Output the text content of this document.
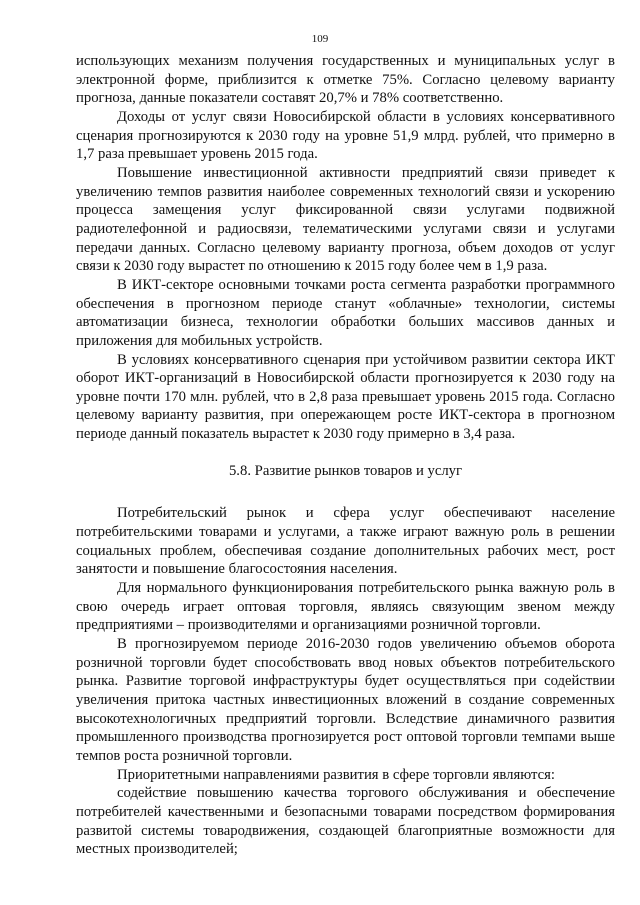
109

использующих механизм получения государственных и муниципальных услуг в электронной форме, приблизится к отметке 75%. Согласно целевому варианту прогноза, данные показатели составят 20,7% и 78% соответственно.

Доходы от услуг связи Новосибирской области в условиях консервативного сценария прогнозируются к 2030 году на уровне 51,9 млрд. рублей, что примерно в 1,7 раза превышает уровень 2015 года.

Повышение инвестиционной активности предприятий связи приведет к увеличению темпов развития наиболее современных технологий связи и ускорению процесса замещения услуг фиксированной связи услугами подвижной радиотелефонной и радиосвязи, телематическими услугами связи и услугами передачи данных. Согласно целевому варианту прогноза, объем доходов от услуг связи к 2030 году вырастет по отношению к 2015 году более чем в 1,9 раза.

В ИКТ-секторе основными точками роста сегмента разработки программного обеспечения в прогнозном периоде станут «облачные» технологии, системы автоматизации бизнеса, технологии обработки больших массивов данных и приложения для мобильных устройств.

В условиях консервативного сценария при устойчивом развитии сектора ИКТ оборот ИКТ-организаций в Новосибирской области прогнозируется к 2030 году на уровне почти 170 млн. рублей, что в 2,8 раза превышает уровень 2015 года. Согласно целевому варианту развития, при опережающем росте ИКТ-сектора в прогнозном периоде данный показатель вырастет к 2030 году примерно в 3,4 раза.

5.8. Развитие рынков товаров и услуг

Потребительский рынок и сфера услуг обеспечивают население потребительскими товарами и услугами, а также играют важную роль в решении социальных проблем, обеспечивая создание дополнительных рабочих мест, рост занятости и повышение благосостояния населения.

Для нормального функционирования потребительского рынка важную роль в свою очередь играет оптовая торговля, являясь связующим звеном между предприятиями – производителями и организациями розничной торговли.

В прогнозируемом периоде 2016-2030 годов увеличению объемов оборота розничной торговли будет способствовать ввод новых объектов потребительского рынка. Развитие торговой инфраструктуры будет осуществляться при содействии увеличения притока частных инвестиционных вложений в создание современных высокотехнологичных предприятий торговли. Вследствие динамичного развития промышленного производства прогнозируется рост оптовой торговли темпами выше темпов роста розничной торговли.

Приоритетными направлениями развития в сфере торговли являются:

содействие повышению качества торгового обслуживания и обеспечение потребителей качественными и безопасными товарами посредством формирования развитой системы товародвижения, создающей благоприятные возможности для местных производителей;
